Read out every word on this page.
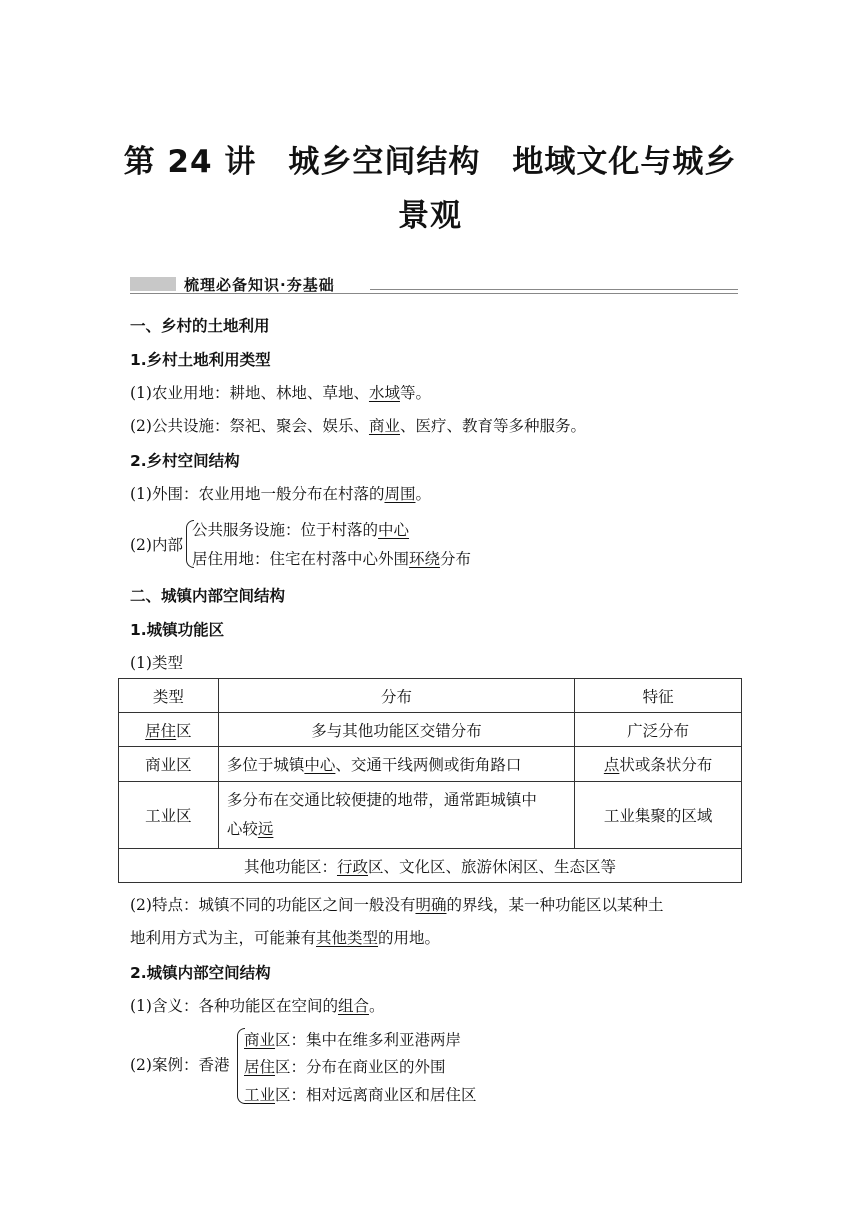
第 24 讲　城乡空间结构　地域文化与城乡
景观
梳理必备知识·夯基础
一、乡村的土地利用
1.乡村土地利用类型
(1)农业用地：耕地、林地、草地、水域等。
(2)公共设施：祭祀、聚会、娱乐、商业、医疗、教育等多种服务。
2.乡村空间结构
(1)外围：农业用地一般分布在村落的周围。
(2)内部
公共服务设施：位于村落的中心
居住用地：住宅在村落中心外围环绕分布
二、城镇内部空间结构
1.城镇功能区
(1)类型
类型	分布	特征
居住区	多与其他功能区交错分布	广泛分布
商业区	多位于城镇中心、交通干线两侧或街角路口	点状或条状分布
工业区	多分布在交通比较便捷的地带，通常距城镇中
心较远	工业集聚的区域
其他功能区：行政区、文化区、旅游休闲区、生态区等		
(2)特点：城镇不同的功能区之间一般没有明确的界线，某一种功能区以某种土
地利用方式为主，可能兼有其他类型的用地。
2.城镇内部空间结构
(1)含义：各种功能区在空间的组合。
(2)案例：香港
商业区：集中在维多利亚港两岸
居住区：分布在商业区的外围
工业区：相对远离商业区和居住区
